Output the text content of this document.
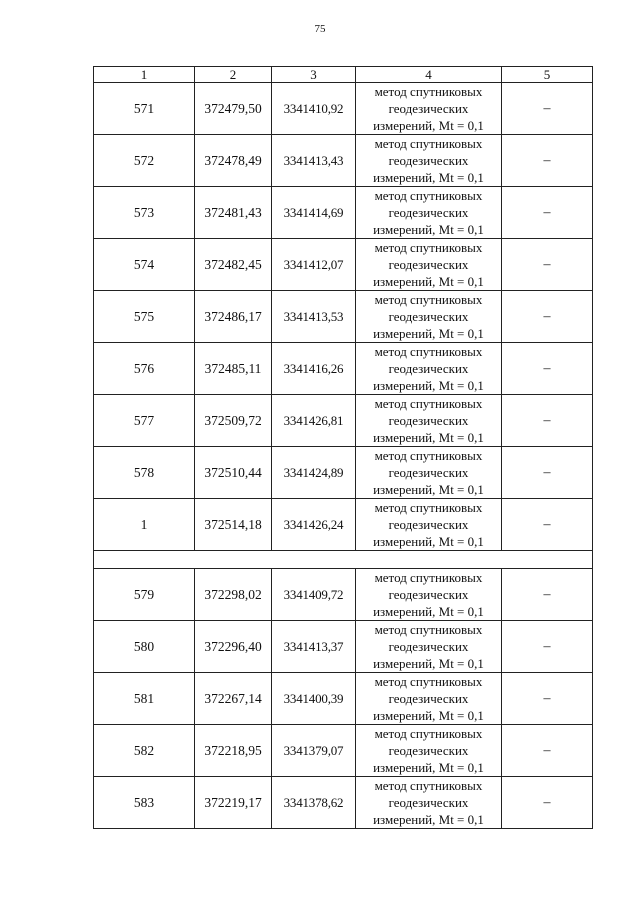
75
1	2	3	4	5
571	372479,50	3341410,92	метод спутниковых
геодезических
измерений, Mt = 0,1	–
572	372478,49	3341413,43	метод спутниковых
геодезических
измерений, Mt = 0,1	–
573	372481,43	3341414,69	метод спутниковых
геодезических
измерений, Mt = 0,1	–
574	372482,45	3341412,07	метод спутниковых
геодезических
измерений, Mt = 0,1	–
575	372486,17	3341413,53	метод спутниковых
геодезических
измерений, Mt = 0,1	–
576	372485,11	3341416,26	метод спутниковых
геодезических
измерений, Mt = 0,1	–
577	372509,72	3341426,81	метод спутниковых
геодезических
измерений, Mt = 0,1	–
578	372510,44	3341424,89	метод спутниковых
геодезических
измерений, Mt = 0,1	–
1	372514,18	3341426,24	метод спутниковых
геодезических
измерений, Mt = 0,1	–

579	372298,02	3341409,72	метод спутниковых
геодезических
измерений, Mt = 0,1	–
580	372296,40	3341413,37	метод спутниковых
геодезических
измерений, Mt = 0,1	–
581	372267,14	3341400,39	метод спутниковых
геодезических
измерений, Mt = 0,1	–
582	372218,95	3341379,07	метод спутниковых
геодезических
измерений, Mt = 0,1	–
583	372219,17	3341378,62	метод спутниковых
геодезических
измерений, Mt = 0,1	–
